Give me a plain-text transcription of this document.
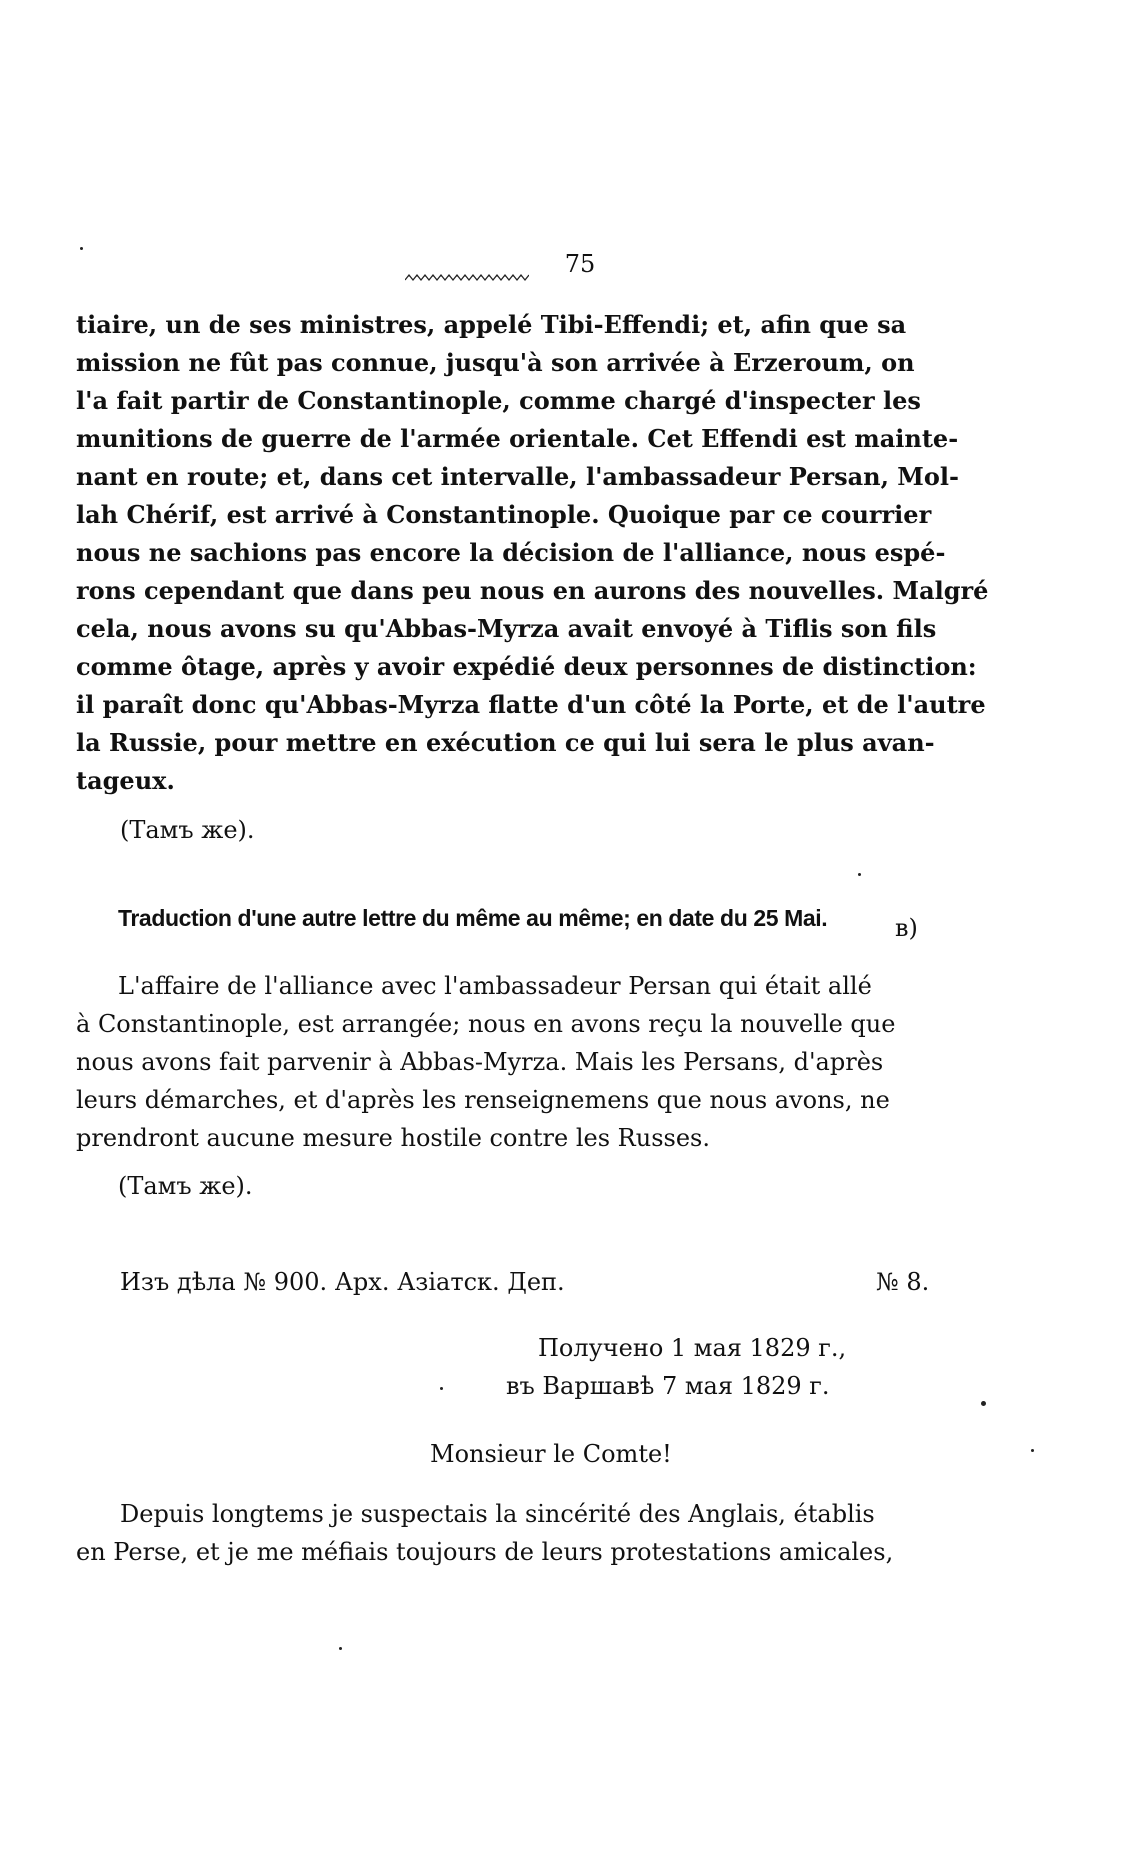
75
tiaire, un de ses ministres, appelé Tibi-Effendi; et, afin que sa
mission ne fût pas connue, jusqu'à son arrivée à Erzeroum, on
l'a fait partir de Constantinople, comme chargé d'inspecter les
munitions de guerre de l'armée orientale. Cet Effendi est mainte-
nant en route; et, dans cet intervalle, l'ambassadeur Persan, Mol-
lah Chérif, est arrivé à Constantinople. Quoique par ce courrier
nous ne sachions pas encore la décision de l'alliance, nous espé-
rons cependant que dans peu nous en aurons des nouvelles. Malgré
cela, nous avons su qu'Abbas-Myrza avait envoyé à Tiflis son fils
comme ôtage, après y avoir expédié deux personnes de distinction:
il paraît donc qu'Abbas-Myrza flatte d'un côté la Porte, et de l'autre
la Russie, pour mettre en exécution ce qui lui sera le plus avan-
tageux.
(Тамъ же).
Traduction d'une autre lettre du même au même; en date du 25 Mai.	в)
L'affaire de l'alliance avec l'ambassadeur Persan qui était allé
à Constantinople, est arrangée; nous en avons reçu la nouvelle que
nous avons fait parvenir à Abbas-Myrza. Mais les Persans, d'après
leurs démarches, et d'après les renseignemens que nous avons, ne
prendront aucune mesure hostile contre les Russes.
(Тамъ же).
Изъ дѣла № 900. Арх. Азіатск. Деп.	№ 8.
Получено 1 мая 1829 г.,
въ Варшавѣ 7 мая 1829 г.
Monsieur le Comte!
Depuis longtems je suspectais la sincérité des Anglais, établis
en Perse, et je me méfiais toujours de leurs protestations amicales,
